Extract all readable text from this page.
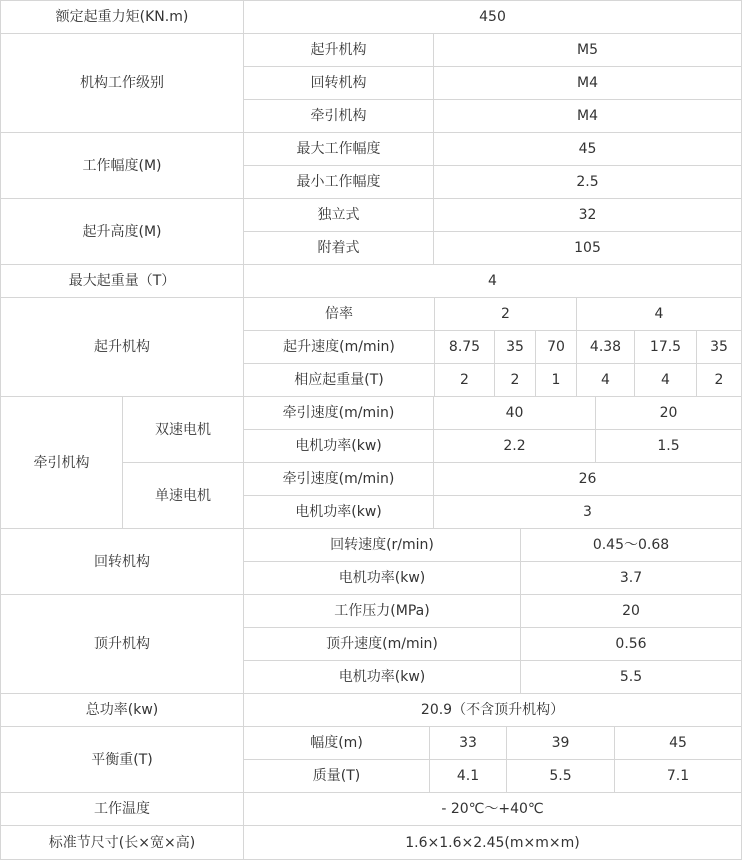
额定起重力矩(KN.m)	450
机构工作级别
起升机构	M5
回转机构	M4
牵引机构	M4
工作幅度(M)
最大工作幅度	45
最小工作幅度	2.5
起升高度(M)
独立式	32
附着式	105
最大起重量（T）	4
起升机构
倍率	2	4
起升速度(m/min)	8.75	35	70	4.38	17.5	35
相应起重量(T)	2	2	1	4	4	2
牵引机构
双速电机
牵引速度(m/min)	40	20
电机功率(kw)	2.2	1.5
单速电机
牵引速度(m/min)	26
电机功率(kw)	3
回转机构
回转速度(r/min)	0.45～0.68
电机功率(kw)	3.7
顶升机构
工作压力(MPa)	20
顶升速度(m/min)	0.56
电机功率(kw)	5.5
总功率(kw)	20.9（不含顶升机构）
平衡重(T)
幅度(m)	33	39	45
质量(T)	4.1	5.5	7.1
工作温度	- 20℃～+40℃
标准节尺寸(长×宽×高)	1.6×1.6×2.45(m×m×m)
